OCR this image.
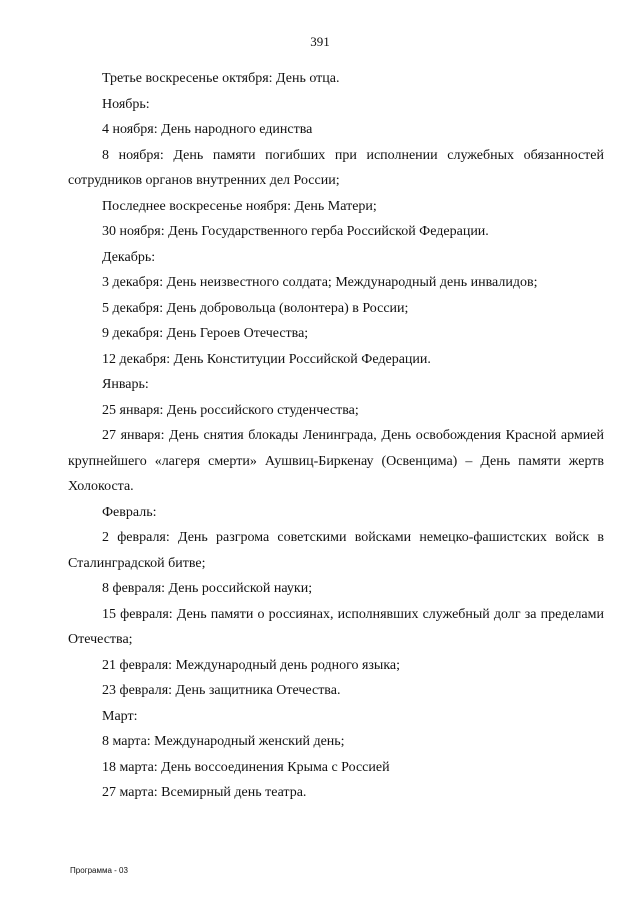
391

Третье воскресенье октября: День отца.

Ноябрь:

4 ноября: День народного единства

8 ноября: День памяти погибших при исполнении служебных обязанностей сотрудников органов внутренних дел России;

Последнее воскресенье ноября: День Матери;

30 ноября: День Государственного герба Российской Федерации.

Декабрь:

3 декабря: День неизвестного солдата; Международный день инвалидов;

5 декабря: День добровольца (волонтера) в России;

9 декабря: День Героев Отечества;

12 декабря: День Конституции Российской Федерации.

Январь:

25 января: День российского студенчества;

27 января: День снятия блокады Ленинграда, День освобождения Красной армией крупнейшего «лагеря смерти» Аушвиц-Биркенау (Освенцима) – День памяти жертв Холокоста.

Февраль:

2 февраля: День разгрома советскими войсками немецко-фашистских войск в Сталинградской битве;

8 февраля: День российской науки;

15 февраля: День памяти о россиянах, исполнявших служебный долг за пределами Отечества;

21 февраля: Международный день родного языка;

23 февраля: День защитника Отечества.

Март:

8 марта: Международный женский день;

18 марта: День воссоединения Крыма с Россией

27 марта: Всемирный день театра.

Программа - 03
